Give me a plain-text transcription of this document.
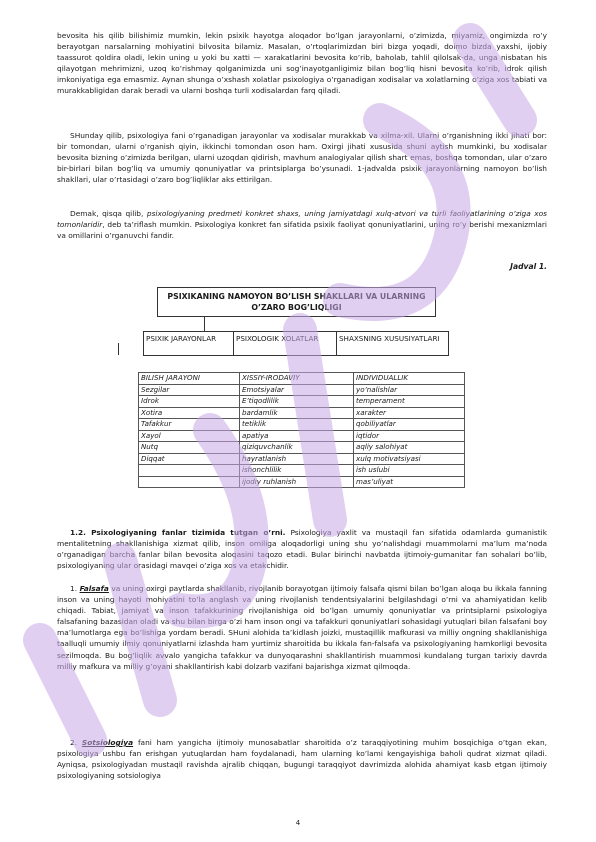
bevosita his qilib bilishimiz mumkin, lekin psixik hayotga aloqador bo’lgan jarayonlarni, o’zimizda, miyamiz, ongimizda ro’y berayotgan narsalarning mohiyatini bilvosita bilamiz. Masalan, o’rtoqlarimizdan biri bizga yoqadi, doimo bizda yaxshi, ijobiy taassurot qoldira oladi, lekin uning u yoki bu xatti — xarakatlarini bevosita ko’rib, baholab, tahlil qilolsak-da, unga nisbatan his qilayotgan mehrimizni, uzoq ko’rishmay qolganimizda uni sog’inayotganligimiz bilan bog’liq hisni bevosita ko’rib, idrok qilish imkoniyatiga ega emasmiz. Aynan shunga o’xshash xolatlar psixologiya o’rganadigan xodisalar va xolatlarning o’ziga xos tabiati va murakkabligidan darak beradi va ularni boshqa turli xodisalardan farq qiladi.

SHunday qilib, psixologiya fani o’rganadigan jarayonlar va xodisalar murakkab va xilma-xil. Ularni o’rganishning ikki jihati bor: bir tomondan, ularni o’rganish qiyin, ikkinchi tomondan oson ham. Oxirgi jihati xususida shuni aytish mumkinki, bu xodisalar bevosita bizning o’zimizda berilgan, ularni uzoqdan qidirish, mavhum analogiyalar qilish shart emas, boshqa tomondan, ular o’zaro bir-birlari bilan bog’liq va umumiy qonuniyatlar va printsiplarga bo’ysunadi. 1-jadvalda psixik jarayonlarning namoyon bo’lish shakllari, ular o’rtasidagi o’zaro bog’liqliklar aks ettirilgan.

Demak, qisqa qilib, psixologiyaning predmeti konkret shaxs, uning jamiyatdagi xulq-atvori va turli faoliyatlarining o’ziga xos tomonlaridir, deb ta’riflash mumkin. Psixologiya konkret fan sifatida psixik faoliyat qonuniyatlarini, uning ro’y berishi mexanizmlari va omillarini o’rganuvchi fandir.

Jadval 1.
PSIXIKANING NAMOYON BO’LISH SHAKLLARI VA ULARNING O’ZARO BOG’LIQLIGI
PSIXIK JARAYONLAR	PSIXOLOGIK XOLATLAR	SHAXSNING XUSUSIYATLARI
BILISH JARAYONI	XISSIY-IRODAVIY	INDIVIDUALLIK
Sezgilar	Emotsiyalar	yo’nalishlar
Idrok	E’tiqodlilik	temperament
Xotira	bardamlik	xarakter
Tafakkur	tetiklik	qobiliyatlar
Xayol	apatiya	iqtidor
Nutq	qiziquvchanlik	aqliy salohiyat
Diqqat	hayratlanish	xulq motivatsiyasi
	ishonchlilik	ish uslubi
	ijodiy ruhlanish	mas’uliyat

1.2. Psixologiyaning fanlar tizimida tutgan o’rni. Psixologiya yaxlit va mustaqil fan sifatida odamlarda gumanistik mentalitetning shakllanishiga xizmat qilib, inson omiliga aloqadorligi uning shu yo’nalishdagi muammolarni ma’lum ma’noda o’rganadigan barcha fanlar bilan bevosita aloqasini taqozo etadi. Bular birinchi navbatda ijtimoiy-gumanitar fan sohalari bo’lib, psixologiyaning ular orasidagi mavqei o’ziga xos va etakchidir.

1. Falsafa va uning oxirgi paytlarda shakllanib, rivojlanib borayotgan ijtimoiy falsafa qismi bilan bo’lgan aloqa bu ikkala fanning inson va uning hayoti mohiyatini to’la anglash va uning rivojlanish tendentsiyalarini belgilashdagi o’rni va ahamiyatidan kelib chiqadi. Tabiat, jamiyat va inson tafakkurining rivojlanishiga oid bo’lgan umumiy qonuniyatlar va printsiplarni psixologiya falsafaning bazasidan oladi va shu bilan birga o’zi ham inson ongi va tafakkuri qonuniyatlari sohasidagi yutuqlari bilan falsafani boy ma’lumotlarga ega bo’lishiga yordam beradi. SHuni alohida ta’kidlash joizki, mustaqillik mafkurasi va milliy ongning shakllanishiga taalluqli umumiy ilmiy qonuniyatlarni izlashda ham yurtimiz sharoitida bu ikkala fan-falsafa va psixologiyaning hamkorligi bevosita sezilmoqda. Bu bog’liqlik avvalo yangicha tafakkur va dunyoqarashni shakllantirish muammosi kundalang turgan tarixiy davrda milliy mafkura va milliy g’oyani shakllantirish kabi dolzarb vazifani bajarishga xizmat qilmoqda.

2. Sotsiologiya fani ham yangicha ijtimoiy munosabatlar sharoitida o’z taraqqiyotining muhim bosqichiga o’tgan ekan, psixologiya ushbu fan erishgan yutuqlardan ham foydalanadi, ham ularning ko’lami kengayishiga baholi qudrat xizmat qiladi. Ayniqsa, psixologiyadan mustaqil ravishda ajralib chiqqan, bugungi taraqqiyot davrimizda alohida ahamiyat kasb etgan ijtimoiy psixologiyaning sotsiologiya

4
